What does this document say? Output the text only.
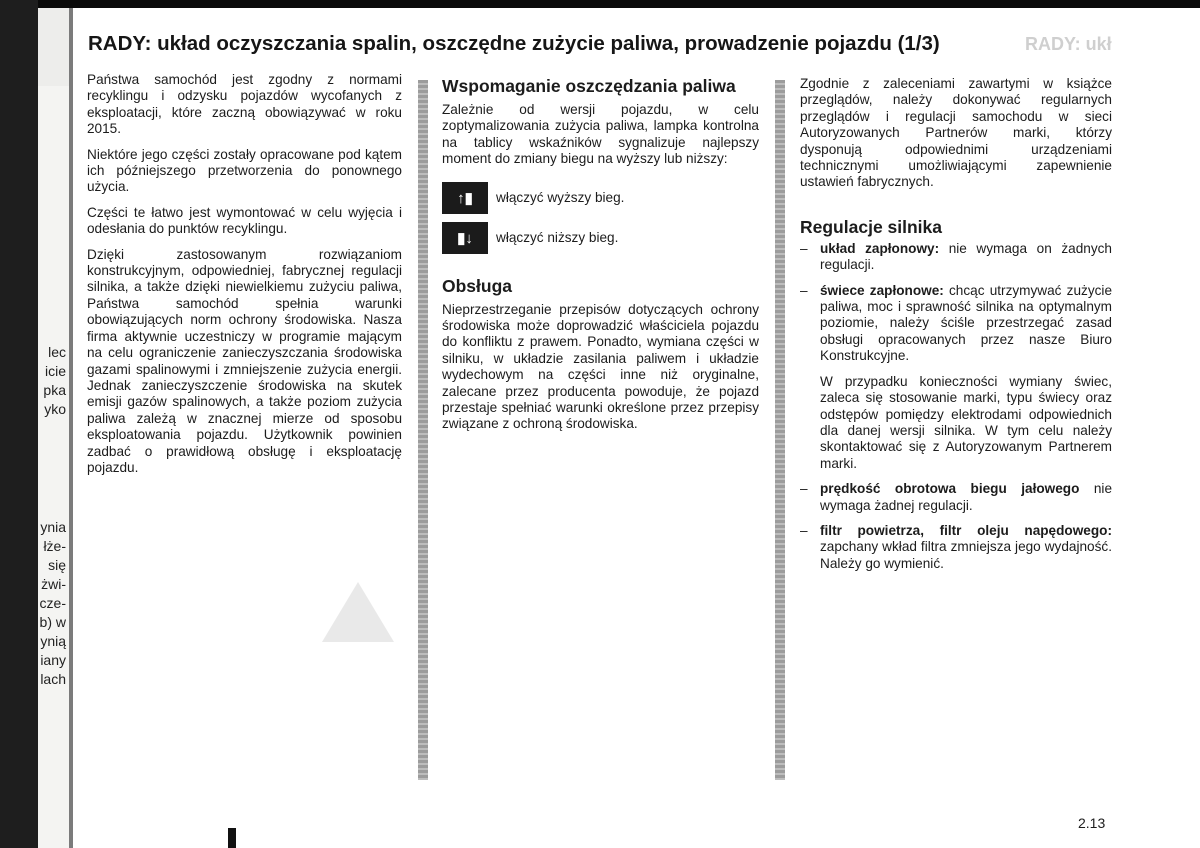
lec
icie
pka
yko
ynia
łże-
się
żwi-
cze-
b) w
ynią
iany
lach
RADY: układ oczyszczania spalin, oszczędne zużycie paliwa, prowadzenie pojazdu (1/3)	RADY: ukł

Państwa samochód jest zgodny z normami recyklingu i odzysku pojazdów wycofanych z eksploatacji, które zaczną obowiązywać w roku 2015.

Niektóre jego części zostały opracowane pod kątem ich późniejszego przetworzenia do ponownego użycia.

Części te łatwo jest wymontować w celu wyjęcia i odesłania do punktów recyklingu.

Dzięki zastosowanym rozwiązaniom konstrukcyjnym, odpowiedniej, fabrycznej regulacji silnika, a także dzięki niewielkiemu zużyciu paliwa, Państwa samochód spełnia warunki obowiązujących norm ochrony środowiska. Nasza firma aktywnie uczestniczy w programie mającym na celu ograniczenie zanieczyszczania środowiska gazami spalinowymi i zmniejszenie zużycia energii. Jednak zanieczyszczenie środowiska na skutek emisji gazów spalinowych, a także poziom zużycia paliwa zależą w znacznej mierze od sposobu eksploatowania pojazdu. Użytkownik powinien zadbać o prawidłową obsługę i eksploatację pojazdu.

Wspomaganie oszczędzania paliwa

Zależnie od wersji pojazdu, w celu zoptymalizowania zużycia paliwa, lampka kontrolna na tablicy wskaźników sygnalizuje najlepszy moment do zmiany biegu na wyższy lub niższy:

↑▮	włączyć wyższy bieg.
▮↓	włączyć niższy bieg.
Obsługa

Nieprzestrzeganie przepisów dotyczących ochrony środowiska może doprowadzić właściciela pojazdu do konfliktu z prawem. Ponadto, wymiana części w silniku, w układzie zasilania paliwem i układzie wydechowym na części inne niż oryginalne, zalecane przez producenta powoduje, że pojazd przestaje spełniać warunki określone przez przepisy związane z ochroną środowiska.

Zgodnie z zaleceniami zawartymi w książce przeglądów, należy dokonywać regularnych przeglądów i regulacji samochodu w sieci Autoryzowanych Partnerów marki, którzy dysponują odpowiednimi urządzeniami technicznymi umożliwiającymi zapewnienie ustawień fabrycznych.

Regulacje silnika
– układ zapłonowy: nie wymaga on żadnych regulacji.
– świece zapłonowe: chcąc utrzymywać zużycie paliwa, moc i sprawność silnika na optymalnym poziomie, należy ściśle przestrzegać zasad obsługi opracowanych przez nasze Biuro Konstrukcyjne.
W przypadku konieczności wymiany świec, zaleca się stosowanie marki, typu świecy oraz odstępów pomiędzy elektrodami odpowiednich dla danej wersji silnika. W tym celu należy skontaktować się z Autoryzowanym Partnerem marki.
– prędkość obrotowa biegu jałowego nie wymaga żadnej regulacji.
– filtr powietrza, filtr oleju napędowego: zapchany wkład filtra zmniejsza jego wydajność. Należy go wymienić.
2.13
